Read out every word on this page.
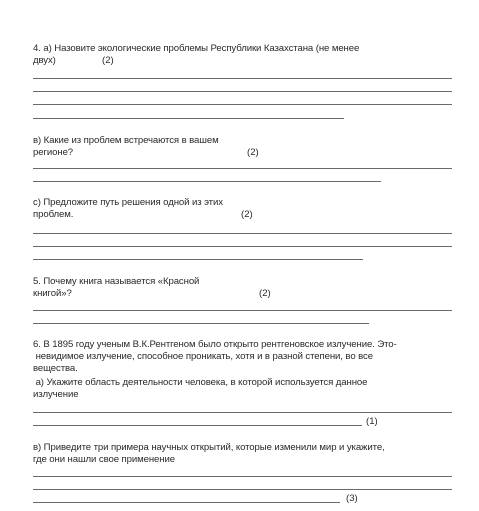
4. а) Назовите экологические проблемы Республики Казахстана (не менее
двух)	(2)
в) Какие из проблем встречаются в вашем
регионе?	(2)
с) Предложите путь решения одной из этих
проблем.	(2)
5. Почему книга называется «Красной
книгой»?	(2)
6. В 1895 году ученым В.К.Рентгеном было открыто рентгеновское излучение. Это-
невидимое излучение, способное проникать, хотя и в разной степени, во все
вещества.
а) Укажите область деятельности человека, в которой используется данное
излучение
(1)
в) Приведите три примера научных открытий, которые изменили мир и укажите,
где они нашли свое применение
(3)
